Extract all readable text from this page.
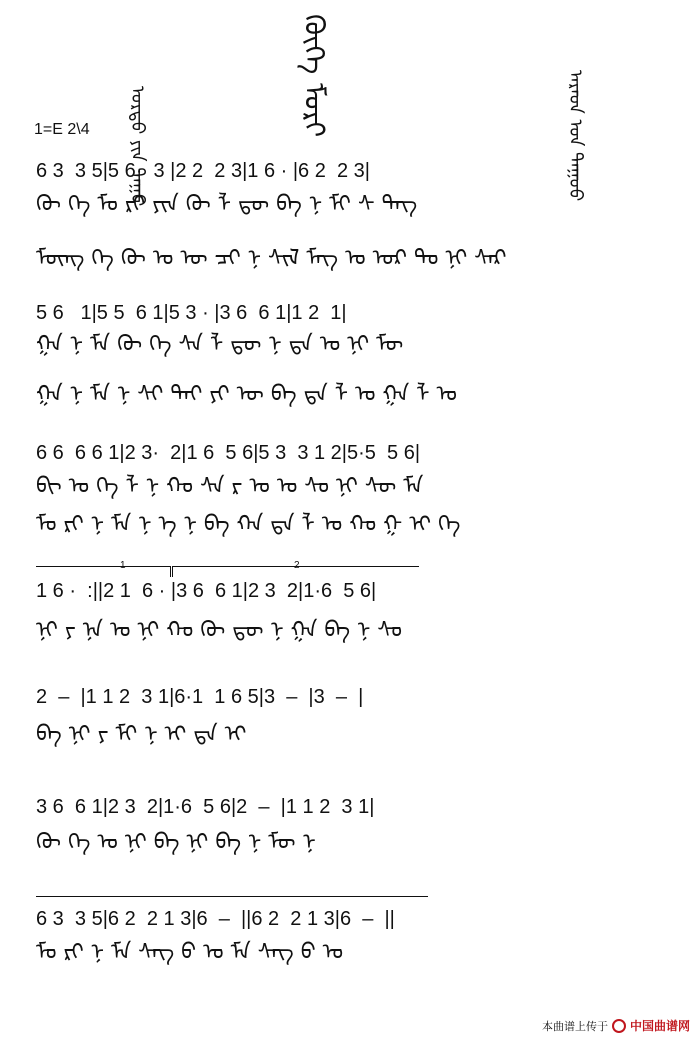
ᠬᠥᠭᠡ ᠮᠣᠷᠢ	ᠠᠷᠠᠳ ᠤᠨ ᠳᠠᠭᠤᠤ
ᠤᠷᠲᠤ ᠶᠢᠨ ᠳᠠᠭᠤ
1=E 2\4
6 3  3 5|5 6·  3 |2 2  2 3|1 6 · |6 2  2 3|
ᠬᠥ ᠭᠡ ᠮᠣ ᠷᠢ ᠶᠢᠨ ᠬᠥ ᠯ ᠳᠦ ᠪᠡ ᠨ ᠮᠢ ᠰ ᠳᠡᠭ
ᠮᠥᠩ ᠭᠡ ᠬᠦ ᠣ ᠦ ᠴᠢ ᠨ ᠰᠢᠯ ᠮᠡᠭ ᠤ ᠤᠷ ᠲᠤ ᠨᠢ ᠰᠠᠷ
5 6   1|5 5  6 1|5 3 · |3 6  6 1|1 2  1|
ᠭᠠ ᠨ ᠮᠡ ᠬᠥ ᠭᠡ ᠰᠡ ᠯ ᠳᠦ ᠨ ᠳᠡ ᠤ ᠨᠢ ᠮᠥ
ᠭᠠ ᠨ ᠮᠡ ᠨ ᠰᠢ ᠲᠡᠢ ᠶᠢ ᠦ ᠪᠡ ᠳᠡ ᠯ ᠣ ᠭᠠ ᠯ ᠤ
6 6  6 6 1|2 3·  2|1 6  5 6|5 3  3 1 2|5·5  5 6|
ᠪᠢ ᠣ ᠭᠡ ᠯ ᠨ ᠬᠣ ᠰᠠ ᠷ ᠣ ᠤ ᠰᠤ ᠨᠢ ᠰᠦ ᠮᠡ
ᠮᠣ ᠷᠢ ᠨ ᠮᠡ ᠨ ᠡ ᠨ ᠪᠠ ᠬᠠ ᠳᠠ ᠯ ᠤ ᠬᠤ ᠭ ᠢ ᠭᠡ
1	2
1 6 ·  :||2 1  6 · |3 6  6 1|2 3  2|1·6  5 6|
ᠨᠢ ᠶ ᠨᠠ ᠣ ᠨᠢ ᠬᠣ ᠬᠥ ᠳᠦ ᠨ ᠭᠠ ᠪᠠ ᠨ ᠰᠤ
2  –  |1 1 2  3 1|6·1  1 6 5|3  –  |3  –  |
ᠪᠠ ᠨᠢ ᠶ ᠮᠢ ᠨ ᠢ ᠳᠠ ᠢ
3 6  6 1|2 3  2|1·6  5 6|2  –  |1 1 2  3 1|
ᠬᠥ ᠭᠡ ᠣ ᠨᠢ ᠪᠠ ᠨᠢ ᠪᠡ ᠨ ᠮᠥ ᠨ
6 3  3 5|6 2  2 1 3|6  –  ||6 2  2 1 3|6  –  ||
ᠮᠣ ᠷᠢ ᠨ ᠮᠡ ᠰᠡᠭ ᠪ ᠤ ᠮᠡ ᠰᠡᠭ ᠪ ᠤ
本曲谱上传于 中国曲谱网
